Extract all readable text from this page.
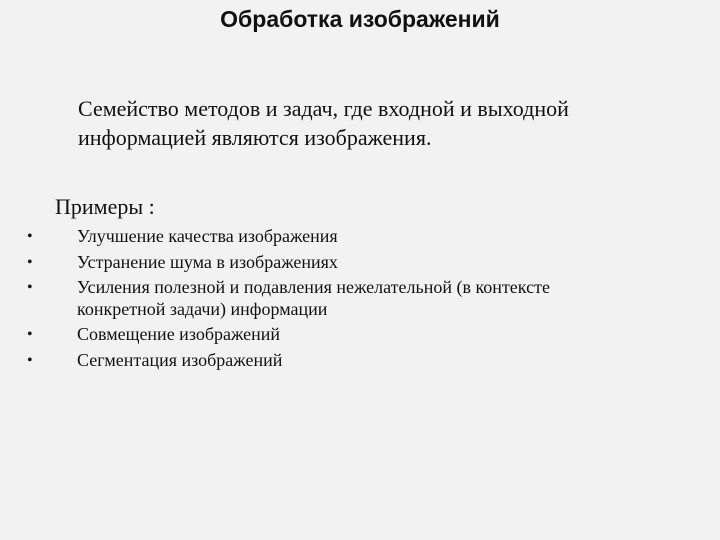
Обработка изображений
Семейство методов и задач, где входной и выходной информацией являются изображения.
Примеры :
• Улучшение качества изображения
• Устранение шума в изображениях
• Усиления полезной и подавления нежелательной (в контексте конкретной задачи) информации
• Совмещение изображений
• Сегментация изображений
